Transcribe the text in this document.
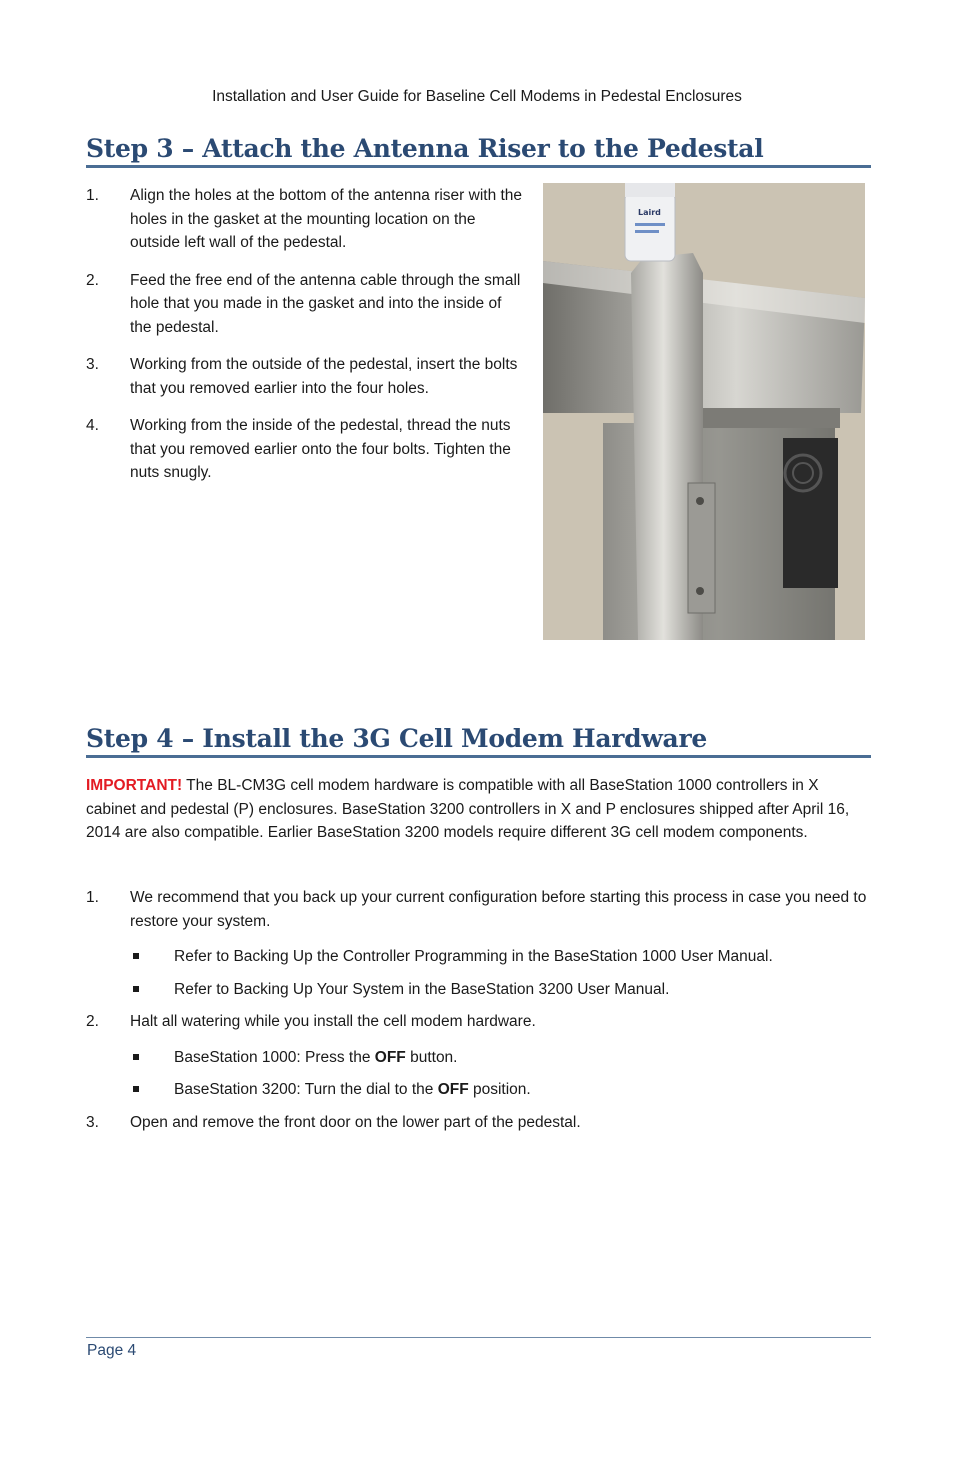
Installation and User Guide for Baseline Cell Modems in Pedestal Enclosures
Step 3 – Attach the Antenna Riser to the Pedestal
1. Align the holes at the bottom of the antenna riser with the holes in the gasket at the mounting location on the outside left wall of the pedestal.
2. Feed the free end of the antenna cable through the small hole that you made in the gasket and into the inside of the pedestal.
3. Working from the outside of the pedestal, insert the bolts that you removed earlier into the four holes.
4. Working from the inside of the pedestal, thread the nuts that you removed earlier onto the four bolts. Tighten the nuts snugly.
Laird
Step 4 – Install the 3G Cell Modem Hardware

IMPORTANT! The BL-CM3G cell modem hardware is compatible with all BaseStation 1000 controllers in X cabinet and pedestal (P) enclosures. BaseStation 3200 controllers in X and P enclosures shipped after April 16, 2014 are also compatible. Earlier BaseStation 3200 models require different 3G cell modem components.

1. We recommend that you back up your current configuration before starting this process in case you need to restore your system.
Refer to Backing Up the Controller Programming in the BaseStation 1000 User Manual.
Refer to Backing Up Your System in the BaseStation 3200 User Manual.
2. Halt all watering while you install the cell modem hardware.
BaseStation 1000: Press the OFF button.
BaseStation 3200: Turn the dial to the OFF position.
3. Open and remove the front door on the lower part of the pedestal.
Page 4
